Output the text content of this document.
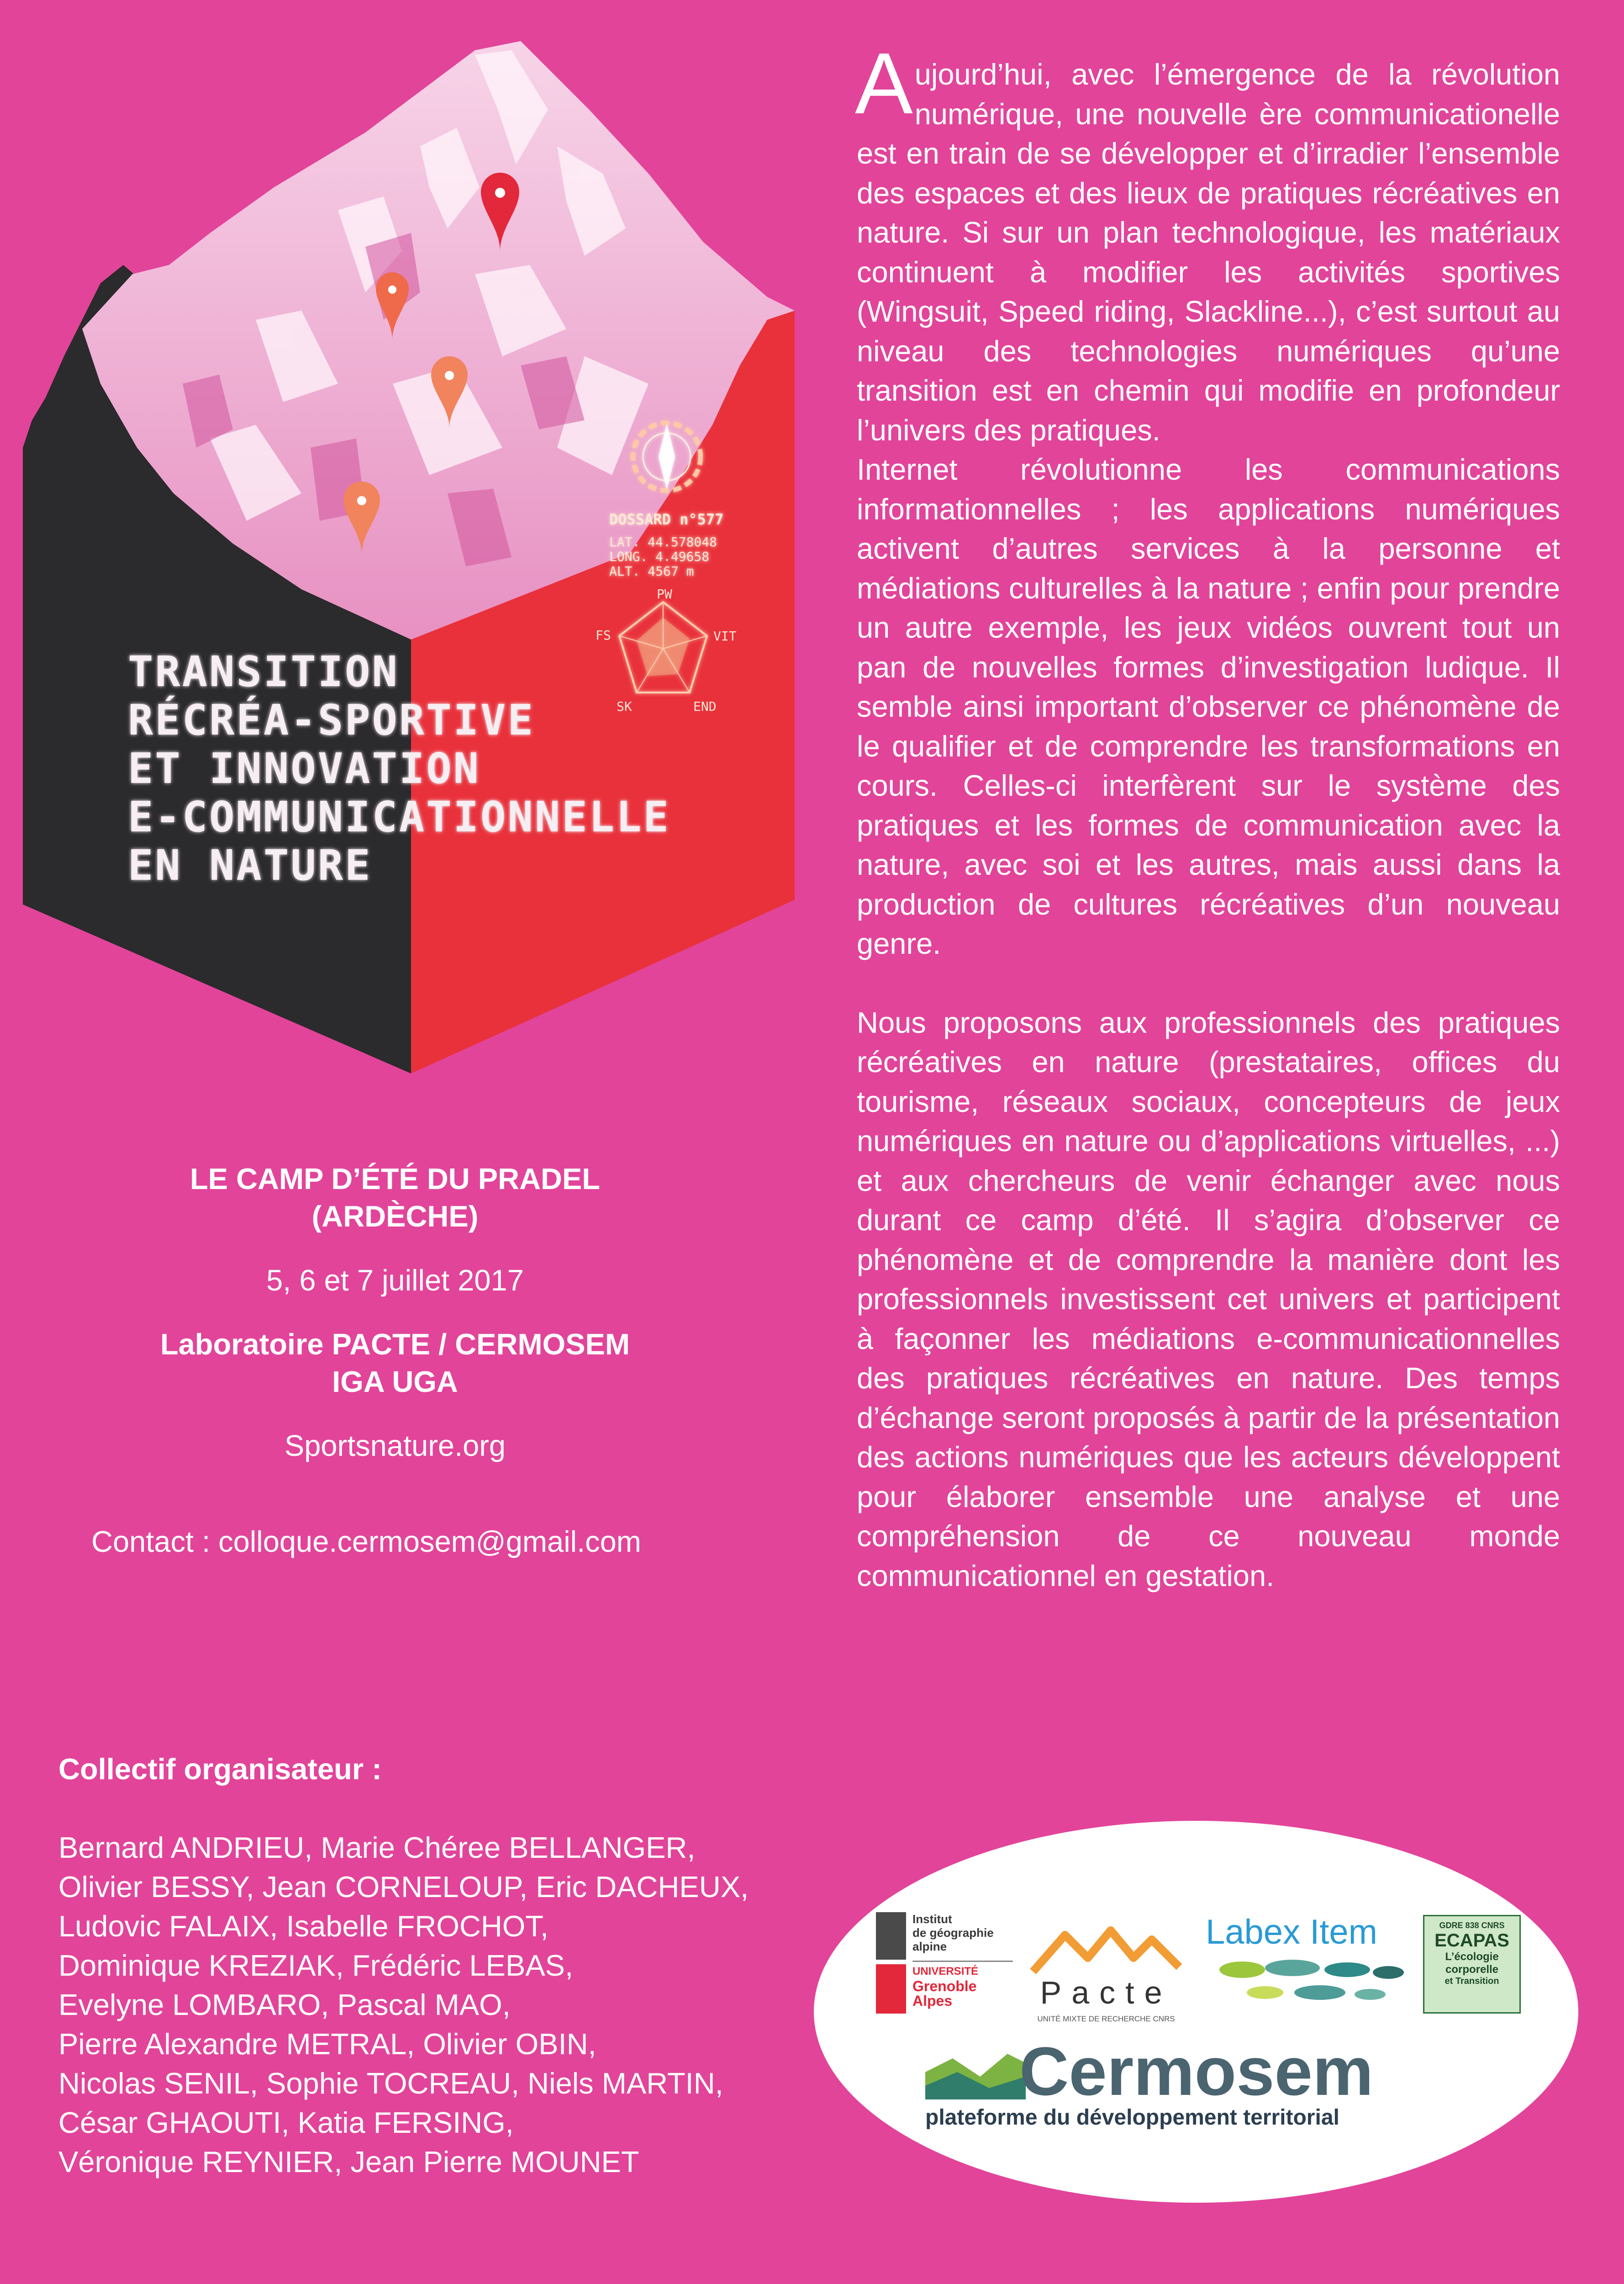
DOSSARD n°577
LAT. 44.578048
LONG. 4.49658
ALT. 4567 m
PW
VIT
END
SK
FS
TRANSITION
RÉCRÉA-SPORTIVE
ET INNOVATION
E-COMMUNICATIONNELLE
EN NATURE

Aujourd’hui, avec l’émergence de la révolution numérique, une nouvelle ère communicationelle est en train de se développer et d’irradier l’ensemble des espaces et des lieux de pratiques récréatives en nature. Si sur un plan technologique, les matériaux continuent à modifier les activités sportives (Wingsuit, Speed riding, Slackline...), c’est surtout au niveau des technologies numériques qu’une transition est en chemin qui modifie en profondeur l’univers des pratiques.

Internet révolutionne les communications informationnelles ; les applications numériques activent d’autres services à la personne et médiations culturelles à la nature ; enfin pour prendre un autre exemple, les jeux vidéos ouvrent tout un pan de nouvelles formes d’investigation ludique. Il semble ainsi important d’observer ce phénomène de le qualifier et de comprendre les transformations en cours. Celles-ci interfèrent sur le système des pratiques et les formes de communication avec la nature, avec soi et les autres, mais aussi dans la production de cultures récréatives d’un nouveau genre.

Nous proposons aux professionnels des pratiques récréatives en nature (prestataires, offices du tourisme, réseaux sociaux, concepteurs de jeux numériques en nature ou d’applications virtuelles, ...) et aux chercheurs de venir échanger avec nous durant ce camp d’été. Il s’agira d’observer ce phénomène et de comprendre la manière dont les professionnels investissent cet univers et participent à façonner les médiations e-communicationnelles des pratiques récréatives en nature. Des temps d’échange seront proposés à partir de la présentation des actions numériques que les acteurs développent pour élaborer ensemble une analyse et une compréhension de ce nouveau monde communicationnel en gestation.

LE CAMP D’ÉTÉ DU PRADEL
(ARDÈCHE)

5, 6 et 7 juillet 2017

Laboratoire PACTE / CERMOSEM
IGA UGA

Sportsnature.org

Contact : colloque.cermosem@gmail.com

Collectif organisateur :
Bernard ANDRIEU, Marie Chéree BELLANGER,
Olivier BESSY, Jean CORNELOUP, Eric DACHEUX,
Ludovic FALAIX, Isabelle FROCHOT,
Dominique KREZIAK, Frédéric LEBAS,
Evelyne LOMBARO, Pascal MAO,
Pierre Alexandre METRAL, Olivier OBIN,
Nicolas SENIL, Sophie TOCREAU, Niels MARTIN,
César GHAOUTI, Katia FERSING,
Véronique REYNIER, Jean Pierre MOUNET
Institut
de géographie
alpine
UNIVERSITÉ
Grenoble
Alpes	Pacte
UNITÉ MIXTE DE RECHERCHE CNRS
Labex Item	GDRE 838 CNRS
ECAPAS
L’écologie
corporelle
et Transition
Cermosem
plateforme du développement territorial
